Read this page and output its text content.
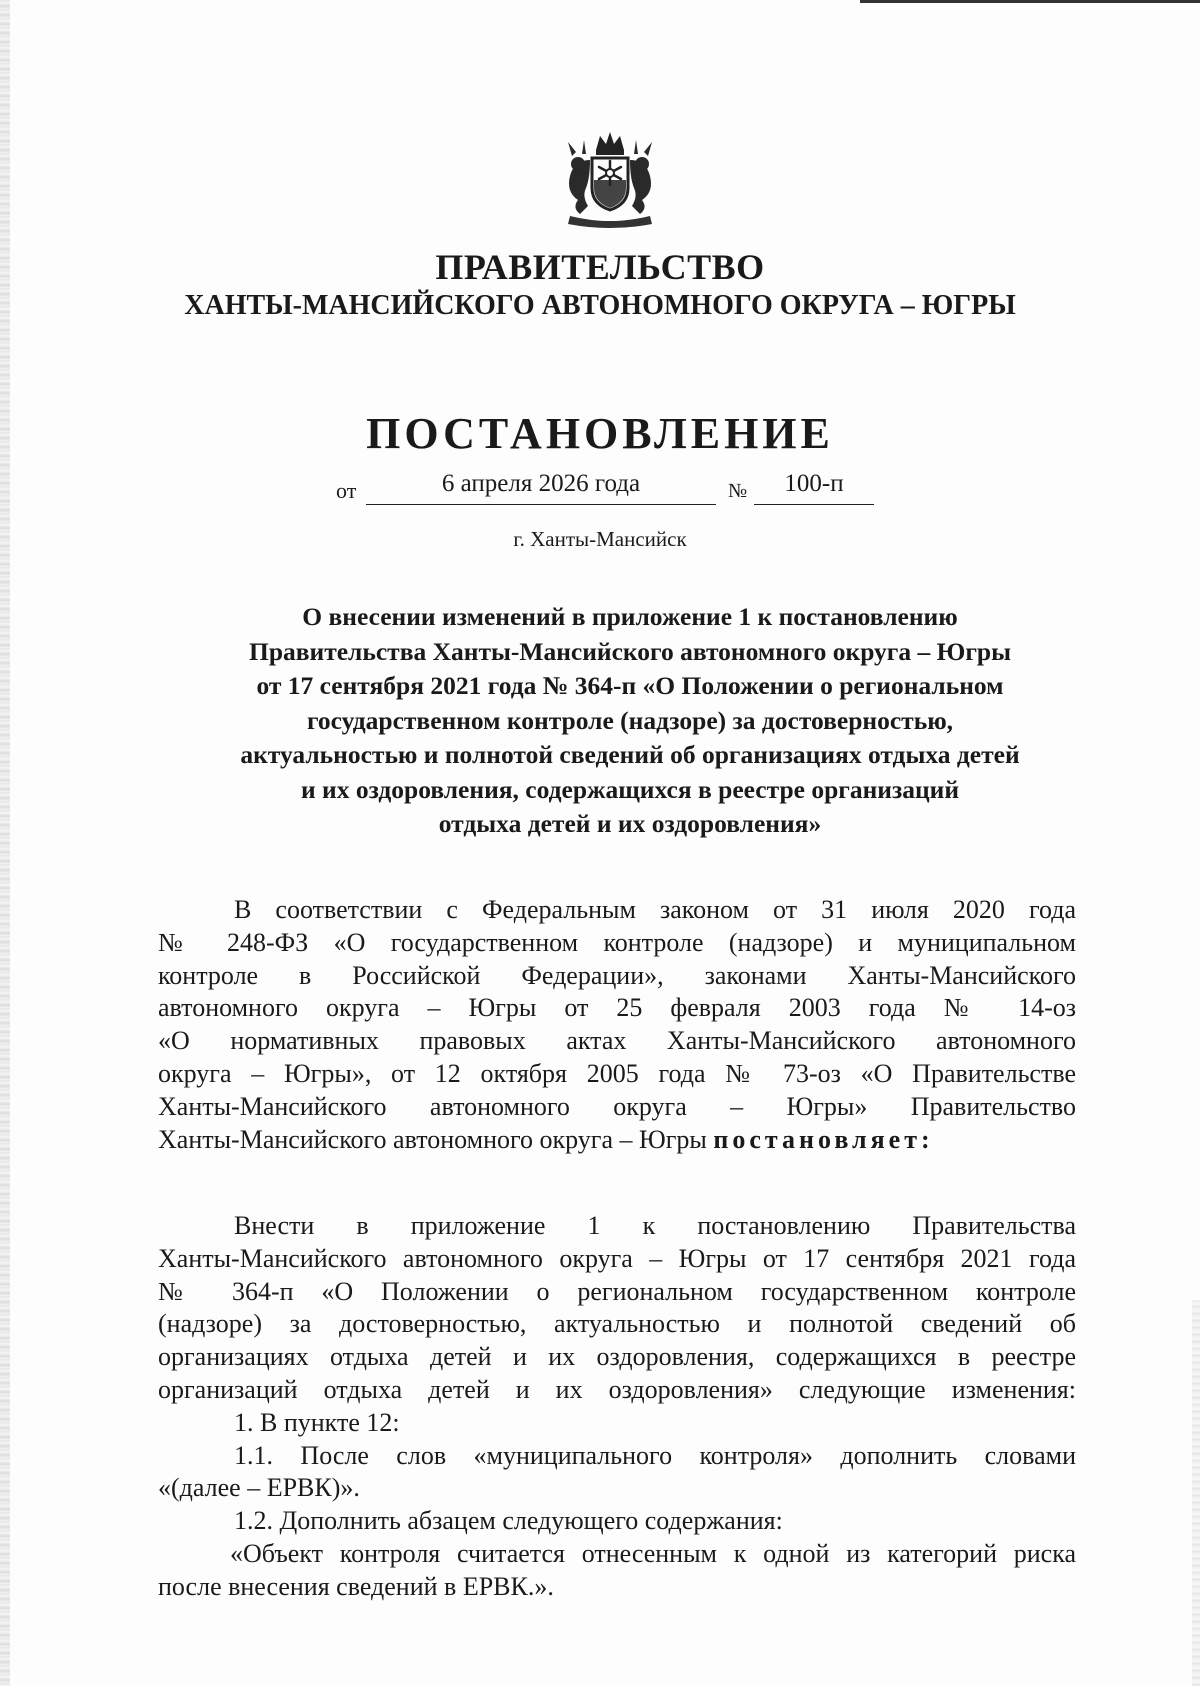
ПРАВИТЕЛЬСТВО
ХАНТЫ-МАНСИЙСКОГО АВТОНОМНОГО ОКРУГА – ЮГРЫ
ПОСТАНОВЛЕНИЕ
от	6 апреля 2026 года	№	100-п
г. Ханты-Мансийск
О внесении изменений в приложение 1 к постановлению
Правительства Ханты-Мансийского автономного округа – Югры
от 17 сентября 2021 года № 364-п «О Положении о региональном
государственном контроле (надзоре) за достоверностью,
актуальностью и полнотой сведений об организациях отдыха детей
и их оздоровления, содержащихся в реестре организаций
отдыха детей и их оздоровления»
В соответствии с Федеральным законом от 31 июля 2020 года
№ 248-ФЗ «О государственном контроле (надзоре) и муниципальном
контроле в Российской Федерации», законами Ханты-Мансийского
автономного округа – Югры от 25 февраля 2003 года № 14-оз
«О нормативных правовых актах Ханты-Мансийского автономного
округа – Югры», от 12 октября 2005 года № 73-оз «О Правительстве
Ханты-Мансийского автономного округа – Югры» Правительство
Ханты-Мансийского автономного округа – Югры постановляет:
Внести в приложение 1 к постановлению Правительства
Ханты-Мансийского автономного округа – Югры от 17 сентября 2021 года
№ 364-п «О Положении о региональном государственном контроле
(надзоре) за достоверностью, актуальностью и полнотой сведений об
организациях отдыха детей и их оздоровления, содержащихся в реестре
организаций отдыха детей и их оздоровления» следующие изменения:
1. В пункте 12:
1.1. После слов «муниципального контроля» дополнить словами
«(далее – ЕРВК)».
1.2. Дополнить абзацем следующего содержания:
«Объект контроля считается отнесенным к одной из категорий риска
после внесения сведений в ЕРВК.».
